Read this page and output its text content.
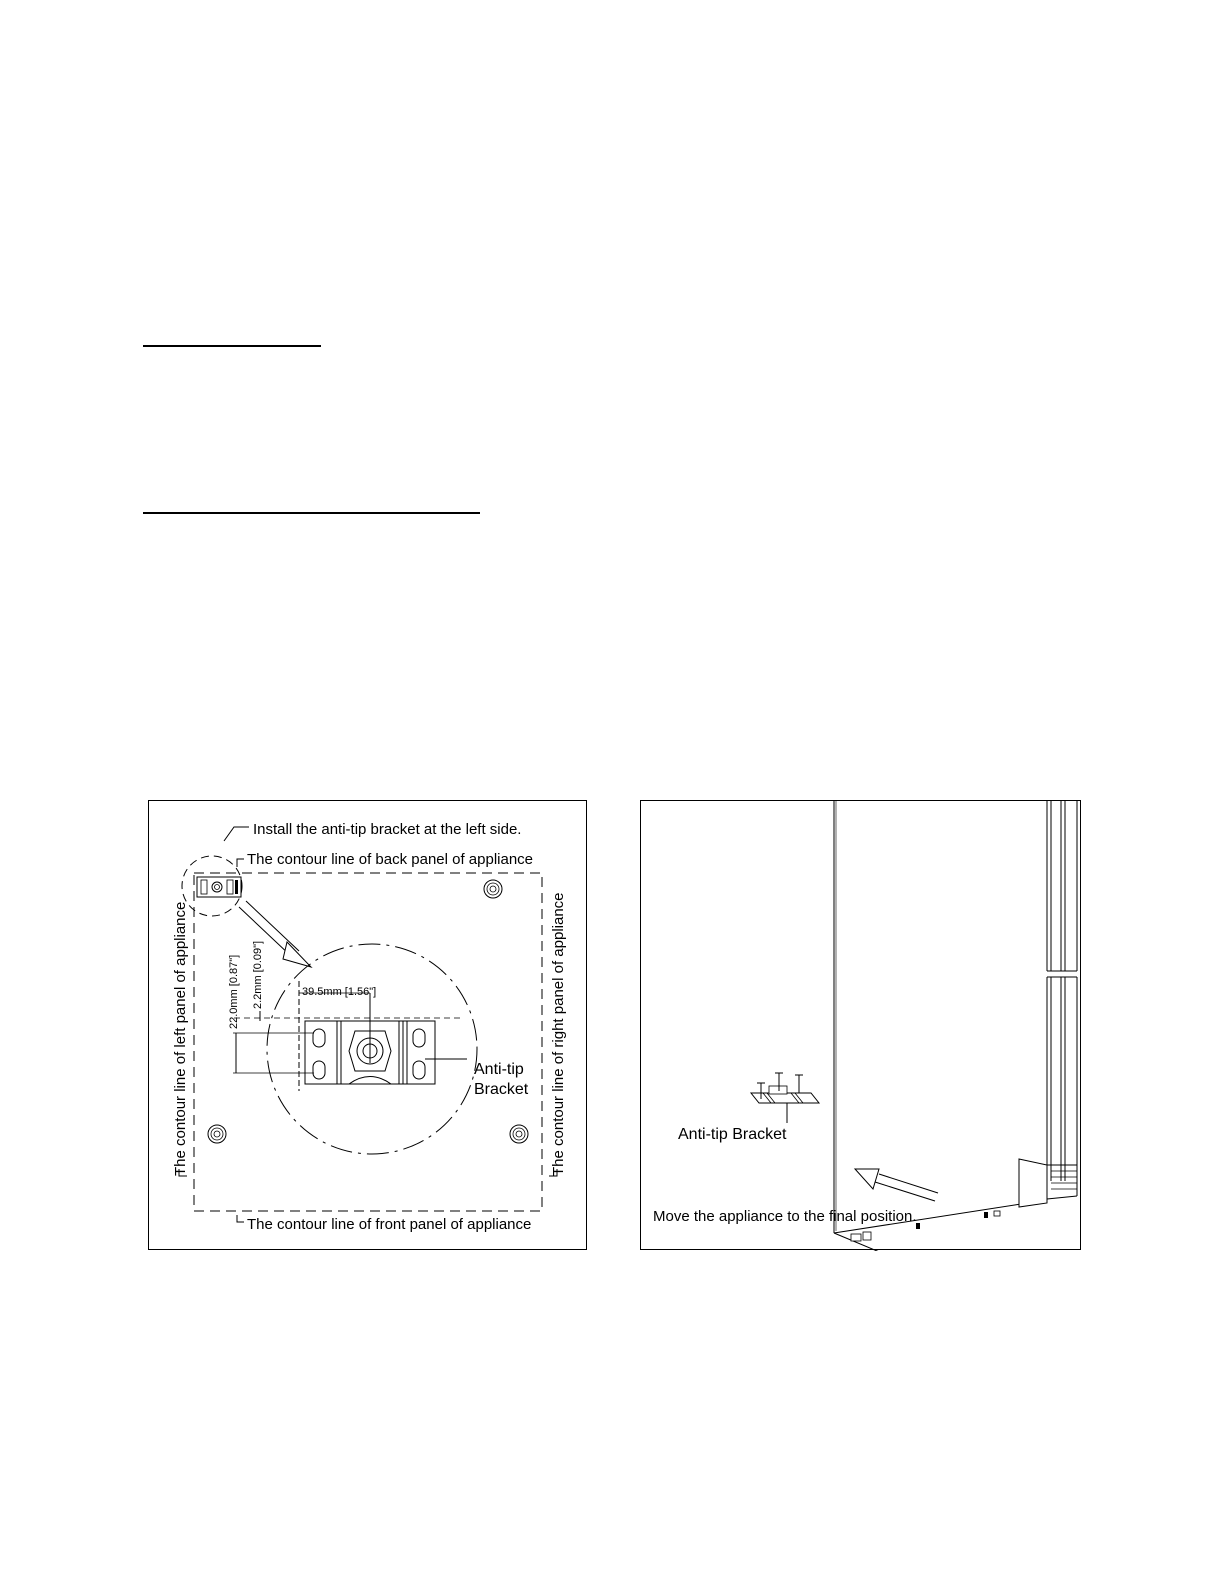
Install the anti-tip bracket at the left side.
The contour line of back panel of appliance
22.0mm [0.87"] 2.2mm [0.09"]	39.5mm [1.56"]
Anti-tip
Bracket
The contour line of left panel of appliance	The contour line of right panel of appliance
The contour line of front panel of appliance
Anti-tip Bracket
Move the appliance to the final position.
